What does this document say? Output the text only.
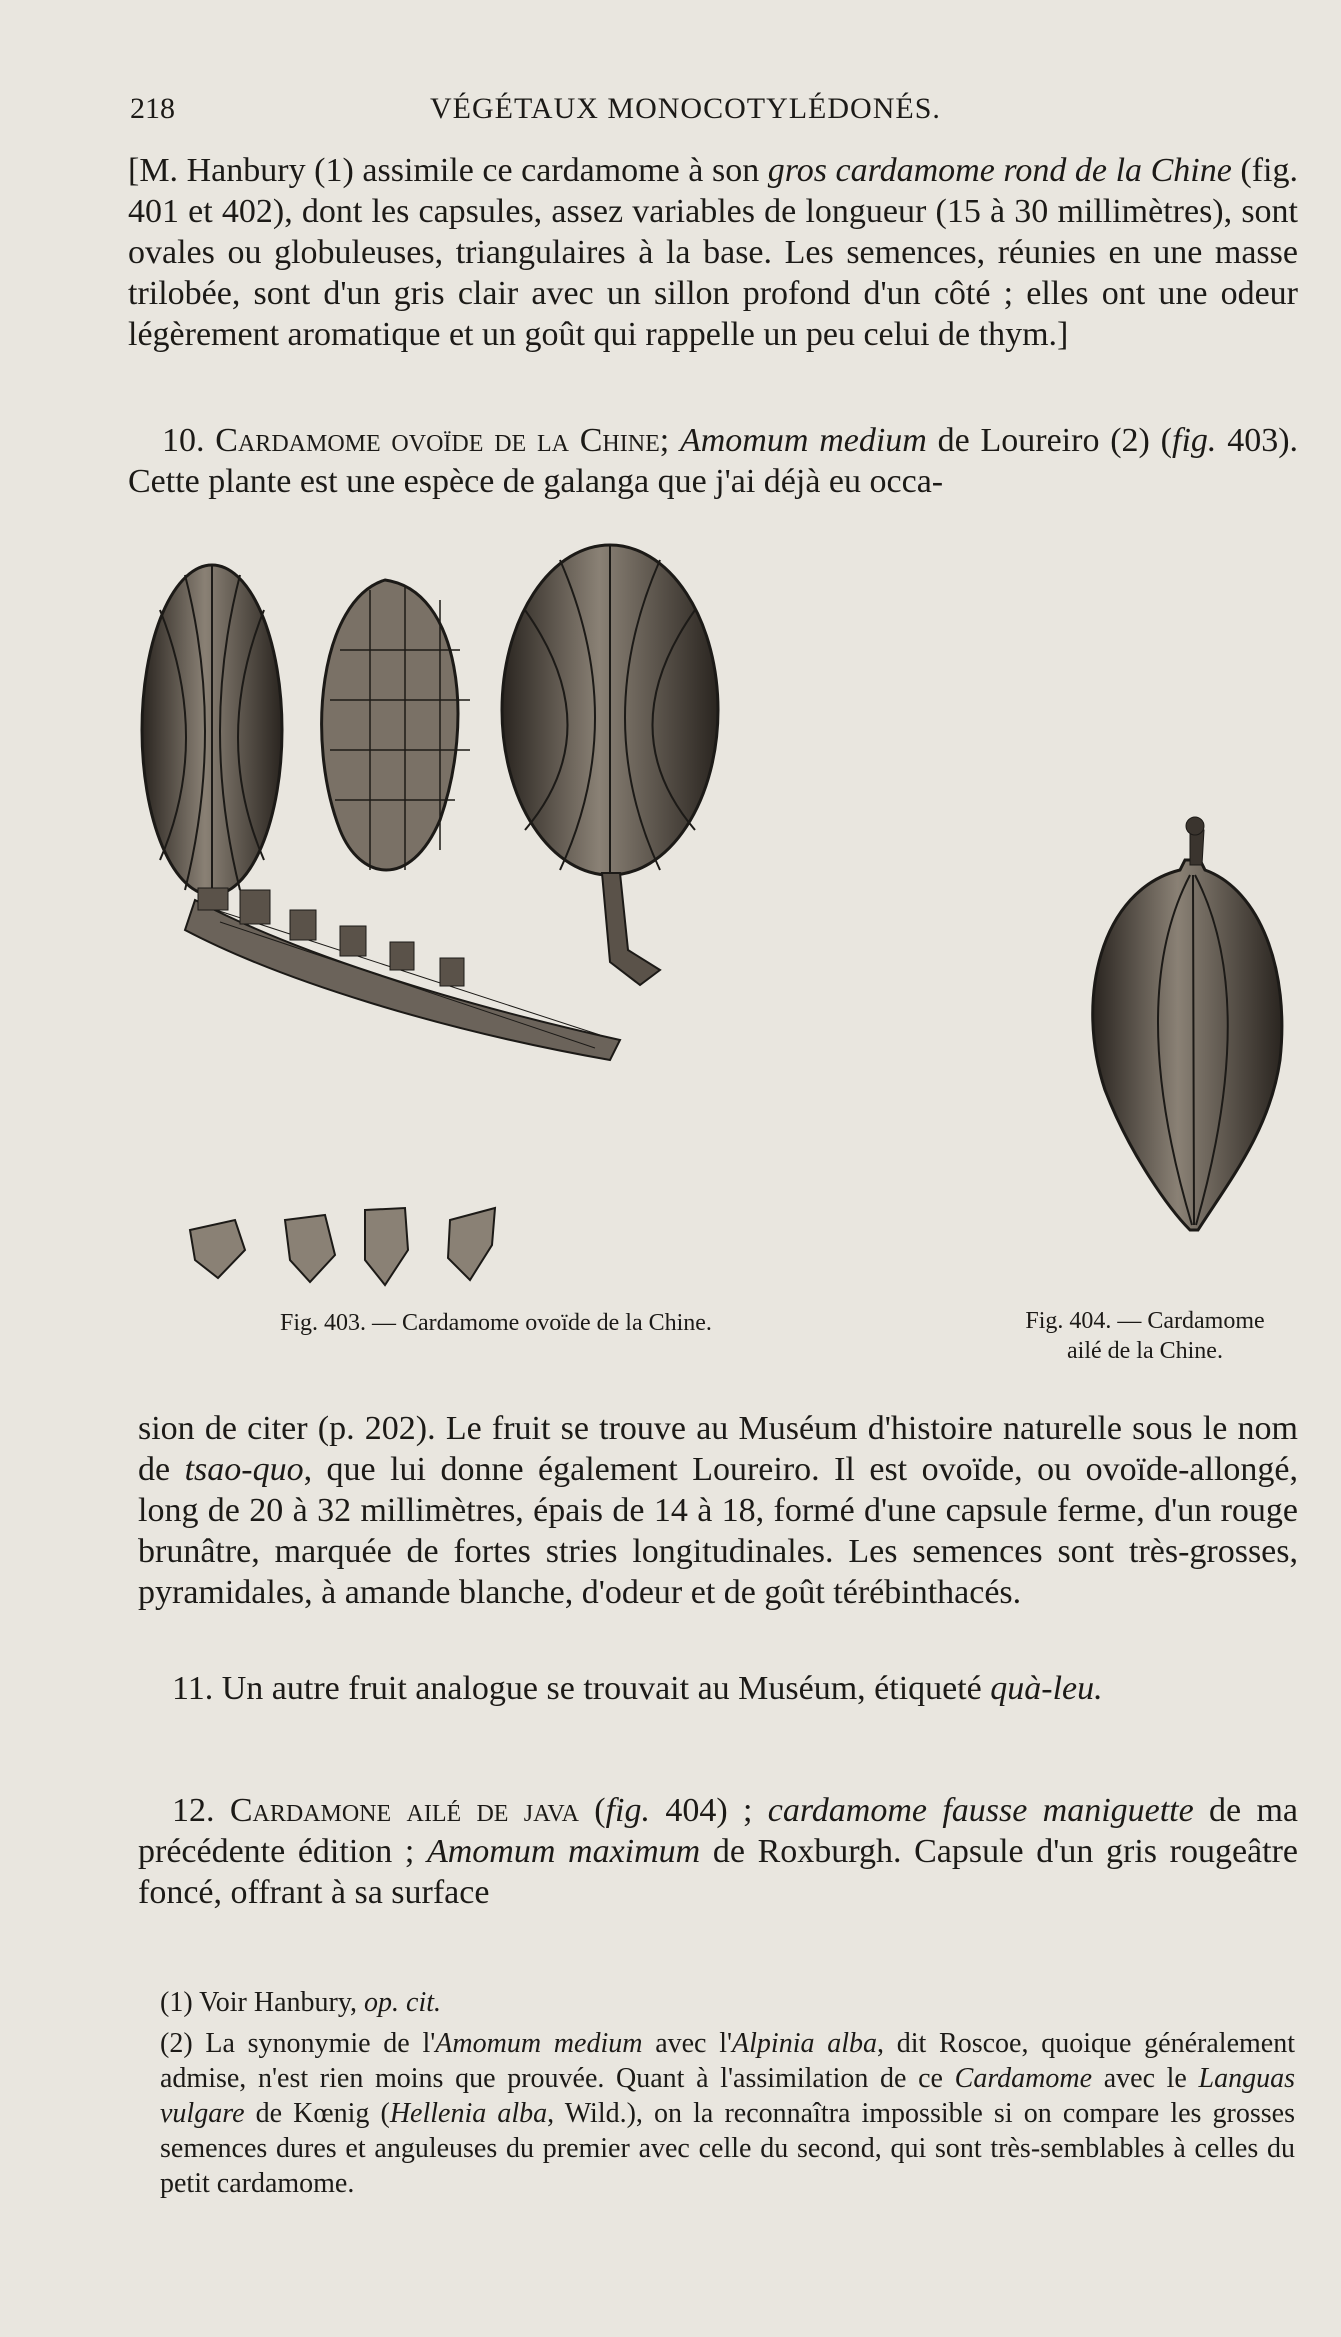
218	VÉGÉTAUX MONOCOTYLÉDONÉS.

[M. Hanbury (1) assimile ce cardamome à son gros cardamome rond de la Chine (fig. 401 et 402), dont les capsules, assez variables de longueur (15 à 30 millimètres), sont ovales ou globuleuses, triangulaires à la base. Les semences, réunies en une masse trilobée, sont d'un gris clair avec un sillon profond d'un côté ; elles ont une odeur légèrement aromatique et un goût qui rappelle un peu celui de thym.]

10. Cardamome ovoïde de la Chine; Amomum medium de Loureiro (2) (fig. 403). Cette plante est une espèce de galanga que j'ai déjà eu occa-

Fig. 403. — Cardamome ovoïde de la Chine.	Fig. 404. — Cardamome
ailé de la Chine.

sion de citer (p. 202). Le fruit se trouve au Muséum d'histoire naturelle sous le nom de tsao-quo, que lui donne également Loureiro. Il est ovoïde, ou ovoïde-allongé, long de 20 à 32 millimètres, épais de 14 à 18, formé d'une capsule ferme, d'un rouge brunâtre, marquée de fortes stries longitudinales. Les semences sont très-grosses, pyramidales, à amande blanche, d'odeur et de goût térébinthacés.

11. Un autre fruit analogue se trouvait au Muséum, étiqueté quà-leu.

12. Cardamone ailé de java (fig. 404) ; cardamome fausse maniguette de ma précédente édition ; Amomum maximum de Roxburgh. Capsule d'un gris rougeâtre foncé, offrant à sa surface

(1) Voir Hanbury, op. cit.

(2) La synonymie de l'Amomum medium avec l'Alpinia alba, dit Roscoe, quoique généralement admise, n'est rien moins que prouvée. Quant à l'assimilation de ce Cardamome avec le Languas vulgare de Kœnig (Hellenia alba, Wild.), on la reconnaîtra impossible si on compare les grosses semences dures et anguleuses du premier avec celle du second, qui sont très-semblables à celles du petit cardamome.
